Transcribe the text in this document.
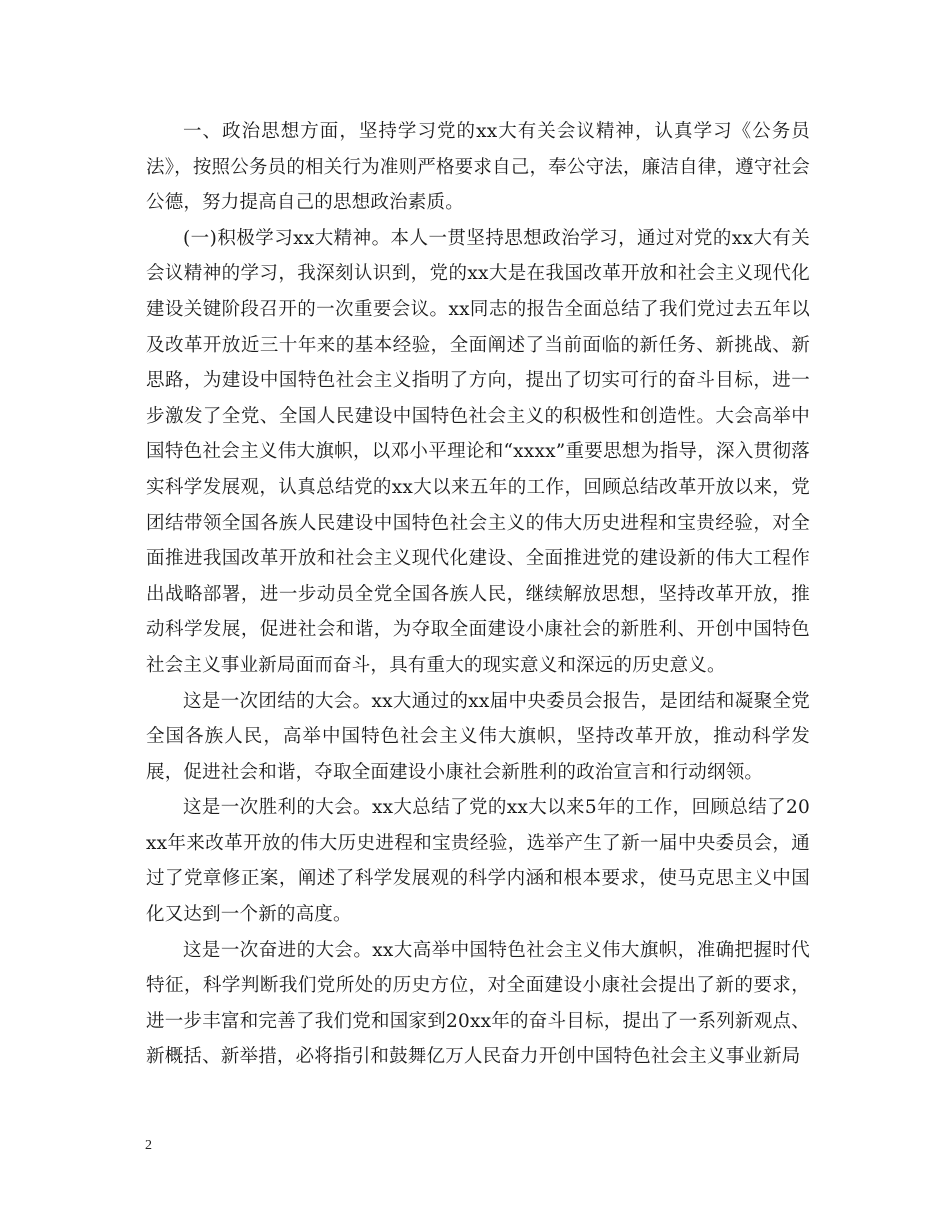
一、政治思想方面，坚持学习党的xx大有关会议精神，认真学习《公务员法》，按照公务员的相关行为准则严格要求自己，奉公守法，廉洁自律，遵守社会公德，努力提高自己的思想政治素质。

(一)积极学习xx大精神。本人一贯坚持思想政治学习，通过对党的xx大有关会议精神的学习，我深刻认识到，党的xx大是在我国改革开放和社会主义现代化建设关键阶段召开的一次重要会议。xx同志的报告全面总结了我们党过去五年以及改革开放近三十年来的基本经验，全面阐述了当前面临的新任务、新挑战、新思路，为建设中国特色社会主义指明了方向，提出了切实可行的奋斗目标，进一步激发了全党、全国人民建设中国特色社会主义的积极性和创造性。大会高举中国特色社会主义伟大旗帜，以邓小平理论和“xxxx”重要思想为指导，深入贯彻落实科学发展观，认真总结党的xx大以来五年的工作，回顾总结改革开放以来，党团结带领全国各族人民建设中国特色社会主义的伟大历史进程和宝贵经验，对全面推进我国改革开放和社会主义现代化建设、全面推进党的建设新的伟大工程作出战略部署，进一步动员全党全国各族人民，继续解放思想，坚持改革开放，推动科学发展，促进社会和谐，为夺取全面建设小康社会的新胜利、开创中国特色社会主义事业新局面而奋斗，具有重大的现实意义和深远的历史意义。

这是一次团结的大会。xx大通过的xx届中央委员会报告，是团结和凝聚全党全国各族人民，高举中国特色社会主义伟大旗帜，坚持改革开放，推动科学发展，促进社会和谐，夺取全面建设小康社会新胜利的政治宣言和行动纲领。

这是一次胜利的大会。xx大总结了党的xx大以来5年的工作，回顾总结了20xx年来改革开放的伟大历史进程和宝贵经验，选举产生了新一届中央委员会，通过了党章修正案，阐述了科学发展观的科学内涵和根本要求，使马克思主义中国化又达到一个新的高度。

这是一次奋进的大会。xx大高举中国特色社会主义伟大旗帜，准确把握时代特征，科学判断我们党所处的历史方位，对全面建设小康社会提出了新的要求，进一步丰富和完善了我们党和国家到20xx年的奋斗目标，提出了一系列新观点、新概括、新举措，必将指引和鼓舞亿万人民奋力开创中国特色社会主义事业新局

2
